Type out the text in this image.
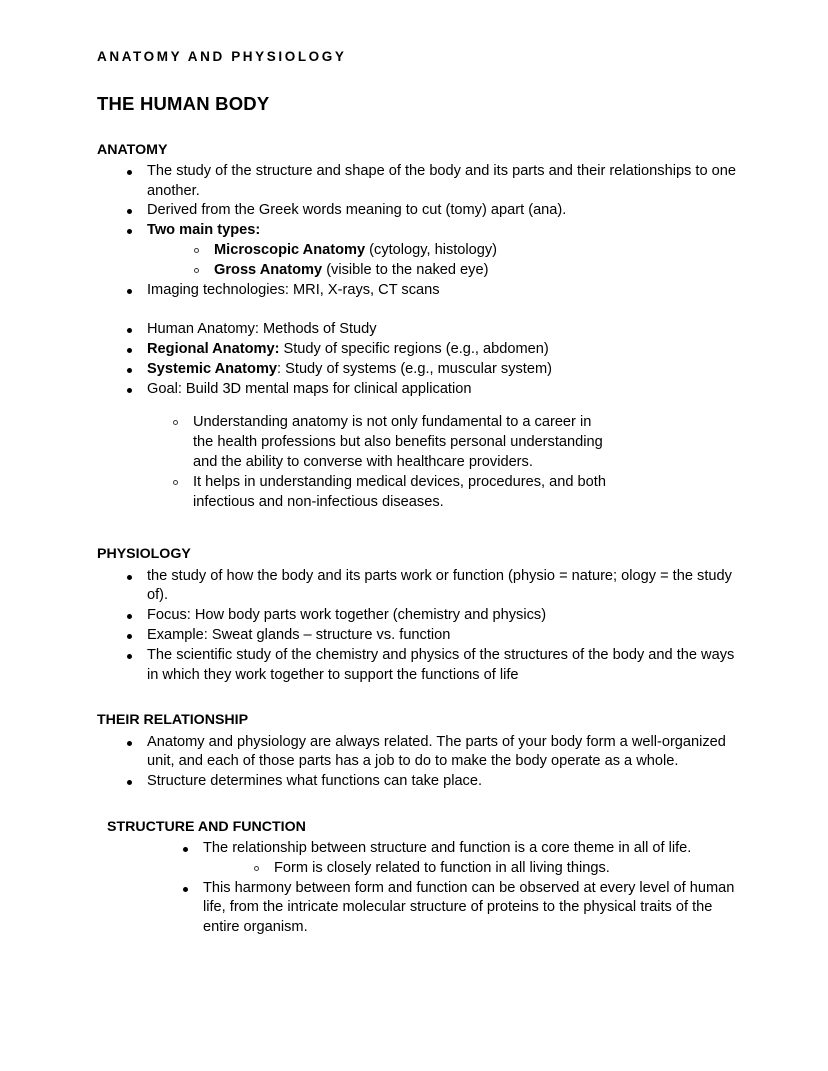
ANATOMY AND PHYSIOLOGY
THE HUMAN BODY
ANATOMY
The study of the structure and shape of the body and its parts and their relationships to one another.
Derived from the Greek words meaning to cut (tomy) apart (ana).
Two main types:
Microscopic Anatomy (cytology, histology)
Gross Anatomy (visible to the naked eye)
Imaging technologies: MRI, X-rays, CT scans
Human Anatomy: Methods of Study
Regional Anatomy: Study of specific regions (e.g., abdomen)
Systemic Anatomy: Study of systems (e.g., muscular system)
Goal: Build 3D mental maps for clinical application
Understanding anatomy is not only fundamental to a career in the health professions but also benefits personal understanding and the ability to converse with healthcare providers.
It helps in understanding medical devices, procedures, and both infectious and non-infectious diseases.
PHYSIOLOGY
the study of how the body and its parts work or function (physio = nature; ology = the study of).
Focus: How body parts work together (chemistry and physics)
Example: Sweat glands – structure vs. function
The scientific study of the chemistry and physics of the structures of the body and the ways in which they work together to support the functions of life
THEIR RELATIONSHIP
Anatomy and physiology are always related. The parts of your body form a well-organized unit, and each of those parts has a job to do to make the body operate as a whole.
Structure determines what functions can take place.
STRUCTURE AND FUNCTION
The relationship between structure and function is a core theme in all of life.
Form is closely related to function in all living things.
This harmony between form and function can be observed at every level of human life, from the intricate molecular structure of proteins to the physical traits of the entire organism.
